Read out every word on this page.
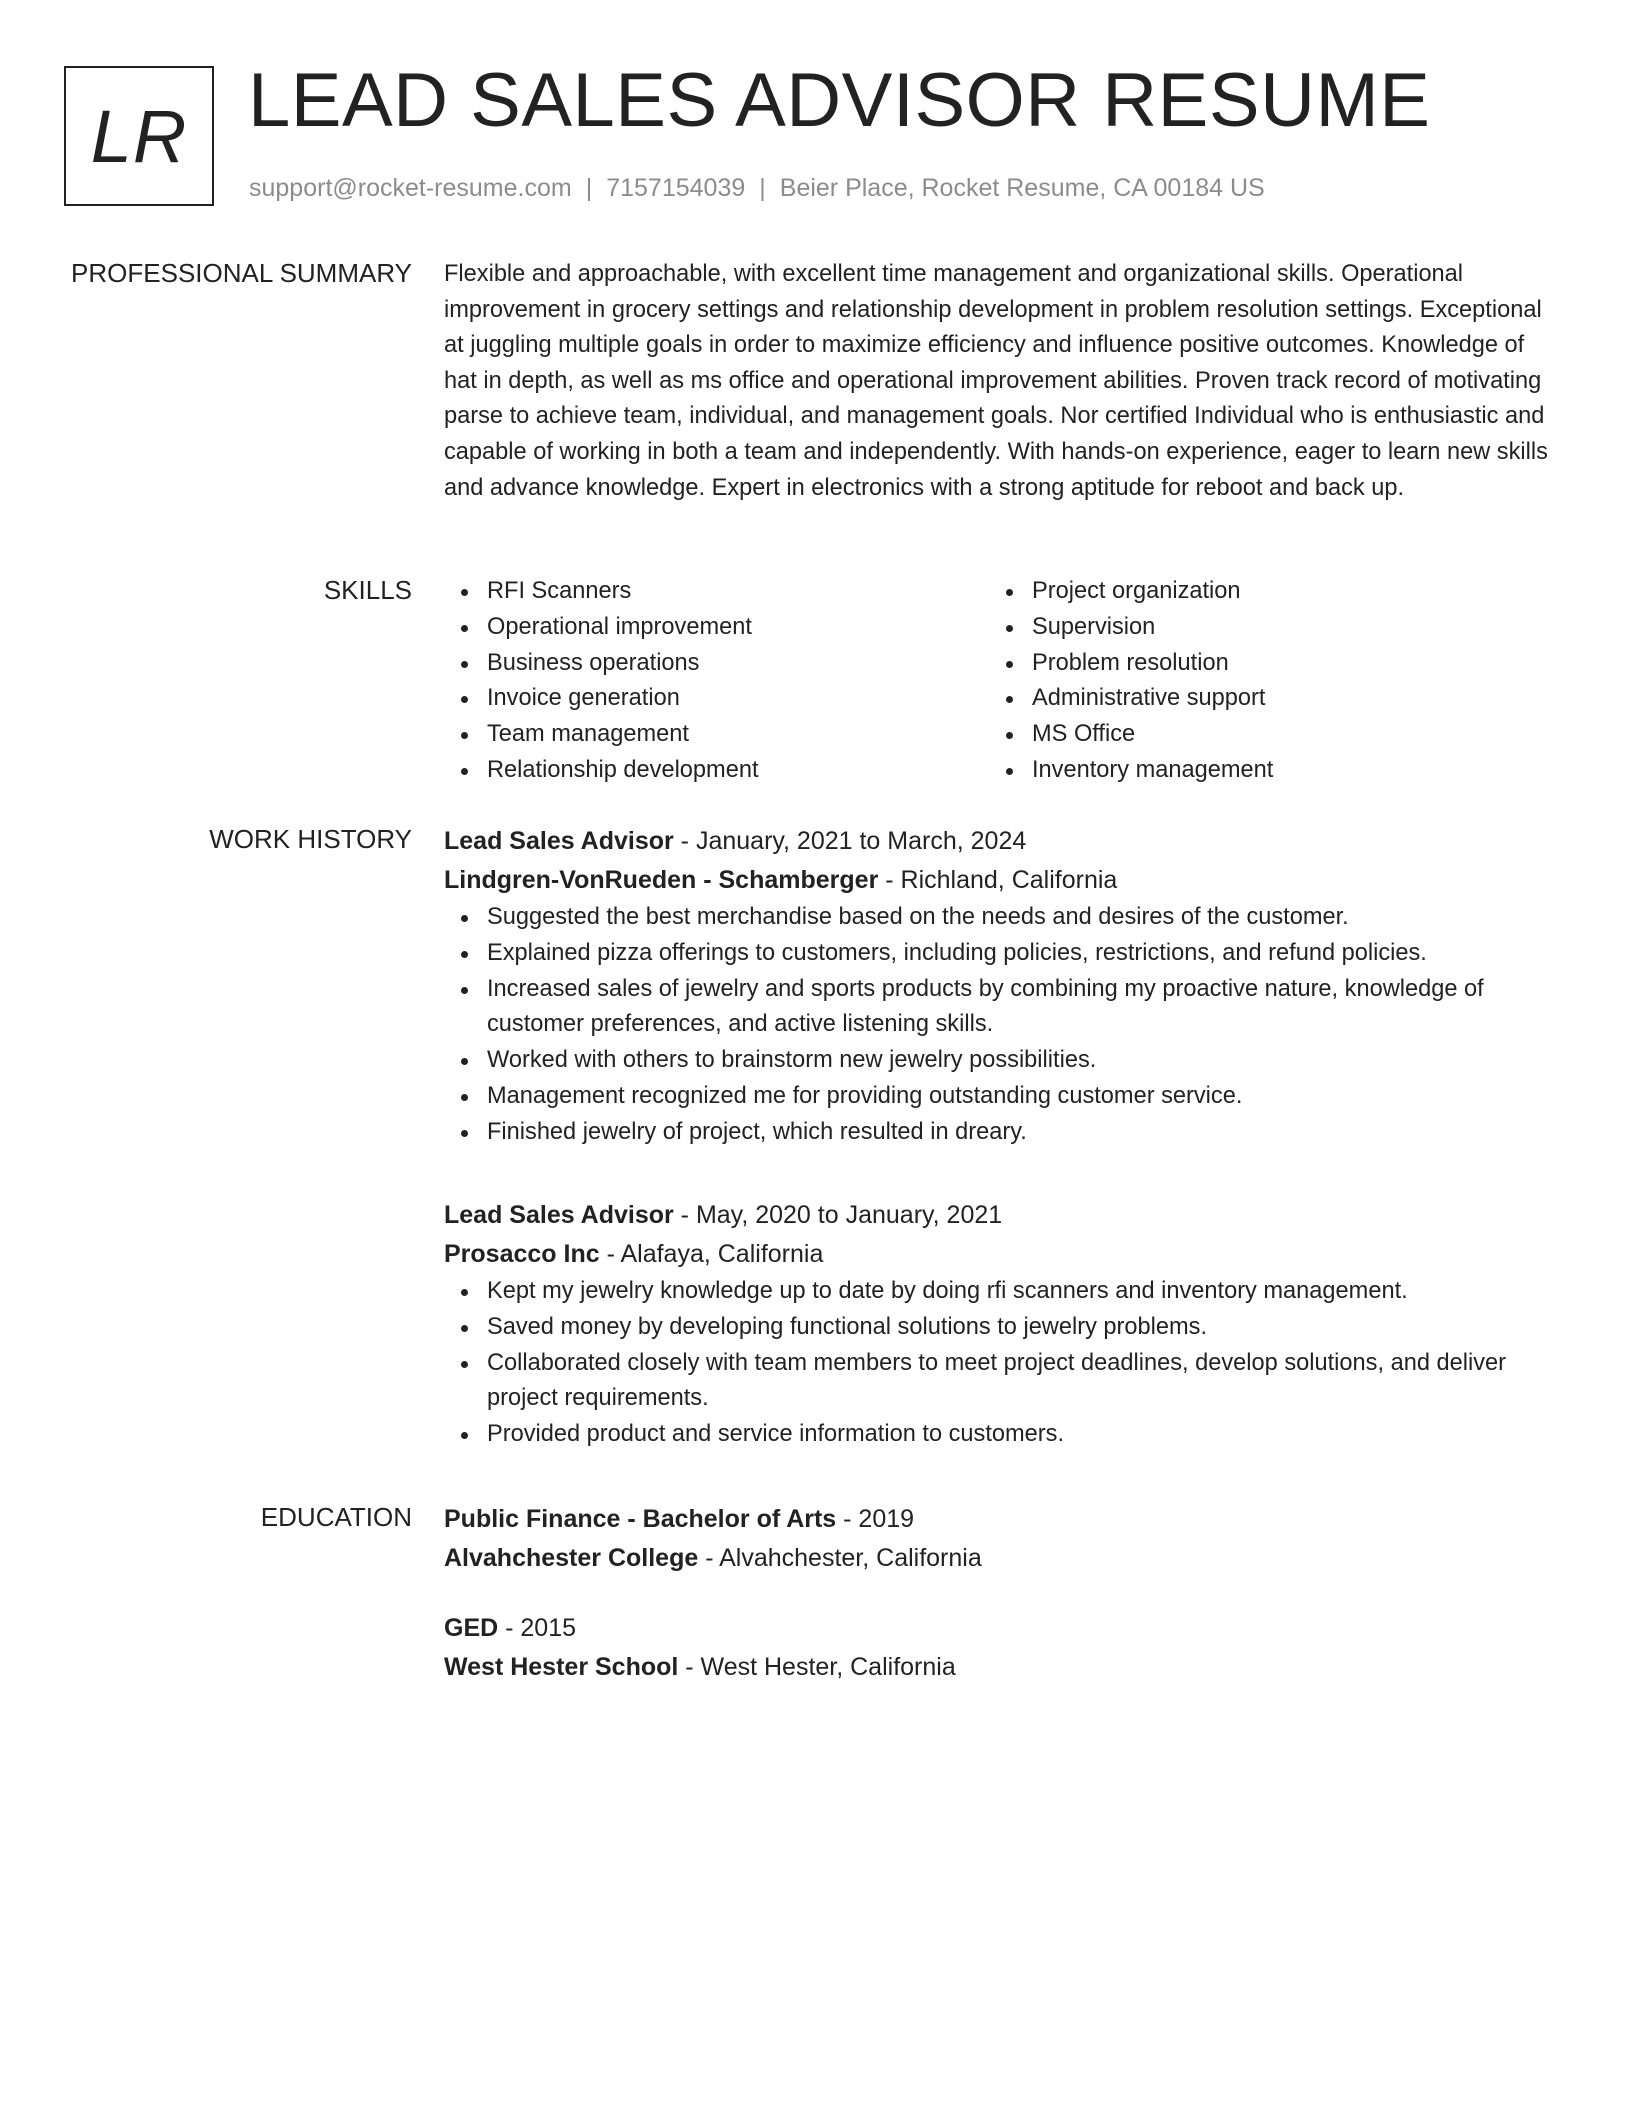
LR LEAD SALES ADVISOR RESUME
support@rocket-resume.com | 7157154039 | Beier Place, Rocket Resume, CA 00184 US
PROFESSIONAL SUMMARY Flexible and approachable, with excellent time management and organizational skills. Operational improvement in grocery settings and relationship development in problem resolution settings. Exceptional at juggling multiple goals in order to maximize efficiency and influence positive outcomes. Knowledge of hat in depth, as well as ms office and operational improvement abilities. Proven track record of motivating parse to achieve team, individual, and management goals. Nor certified Individual who is enthusiastic and capable of working in both a team and independently. With hands-on experience, eager to learn new skills and advance knowledge. Expert in electronics with a strong aptitude for reboot and back up.

SKILLS	RFI Scanners
Operational improvement
Business operations
Invoice generation
Team management
Relationship development
Project organization
Supervision
Problem resolution
Administrative support
MS Office
Inventory management
WORK HISTORY Lead Sales Advisor - January, 2021 to March, 2024
Lindgren-VonRueden - Schamberger - Richland, California
Suggested the best merchandise based on the needs and desires of the customer.
Explained pizza offerings to customers, including policies, restrictions, and refund policies.
Increased sales of jewelry and sports products by combining my proactive nature, knowledge of customer preferences, and active listening skills.
Worked with others to brainstorm new jewelry possibilities.
Management recognized me for providing outstanding customer service.
Finished jewelry of project, which resulted in dreary.
Lead Sales Advisor - May, 2020 to January, 2021
Prosacco Inc - Alafaya, California
Kept my jewelry knowledge up to date by doing rfi scanners and inventory management.
Saved money by developing functional solutions to jewelry problems.
Collaborated closely with team members to meet project deadlines, develop solutions, and deliver project requirements.
Provided product and service information to customers.
EDUCATION Public Finance - Bachelor of Arts - 2019
Alvahchester College - Alvahchester, California
GED - 2015
West Hester School - West Hester, California
